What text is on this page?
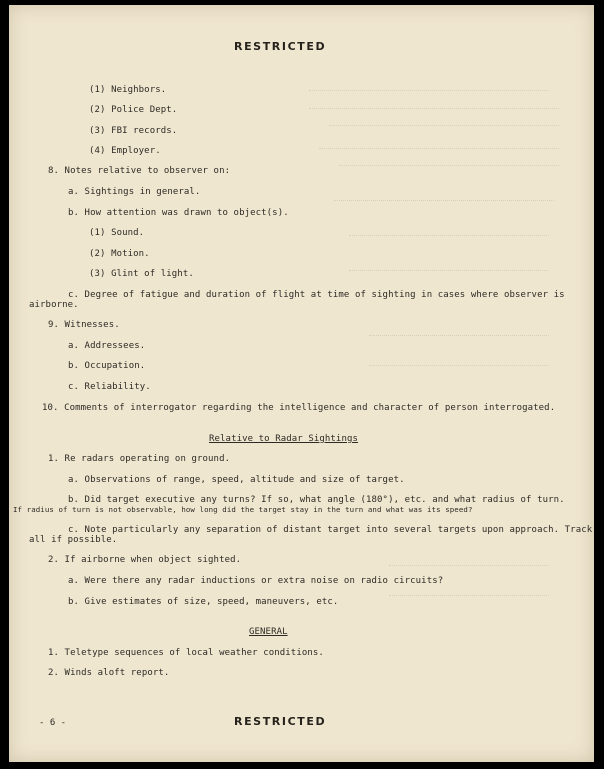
RESTRICTED
(1) Neighbors.
(2) Police Dept.
(3) FBI records.
(4) Employer.
8. Notes relative to observer on:
a. Sightings in general.
b. How attention was drawn to object(s).
(1) Sound.
(2) Motion.
(3) Glint of light.
c. Degree of fatigue and duration of flight at time of sighting in cases where observer is
airborne.
9. Witnesses.
a. Addressees.
b. Occupation.
c. Reliability.
10. Comments of interrogator regarding the intelligence and character of person interrogated.
Relative to Radar Sightings
1. Re radars operating on ground.
a. Observations of range, speed, altitude and size of target.
b. Did target executive any turns? If so, what angle (180°), etc. and what radius of turn.
If radius of turn is not observable, how long did the target stay in the turn and what was its speed?
c. Note particularly any separation of distant target into several targets upon approach. Track
all if possible.
2. If airborne when object sighted.
a. Were there any radar inductions or extra noise on radio circuits?
b. Give estimates of size, speed, maneuvers, etc.
GENERAL
1. Teletype sequences of local weather conditions.
2. Winds aloft report.
- 6 -	RESTRICTED
